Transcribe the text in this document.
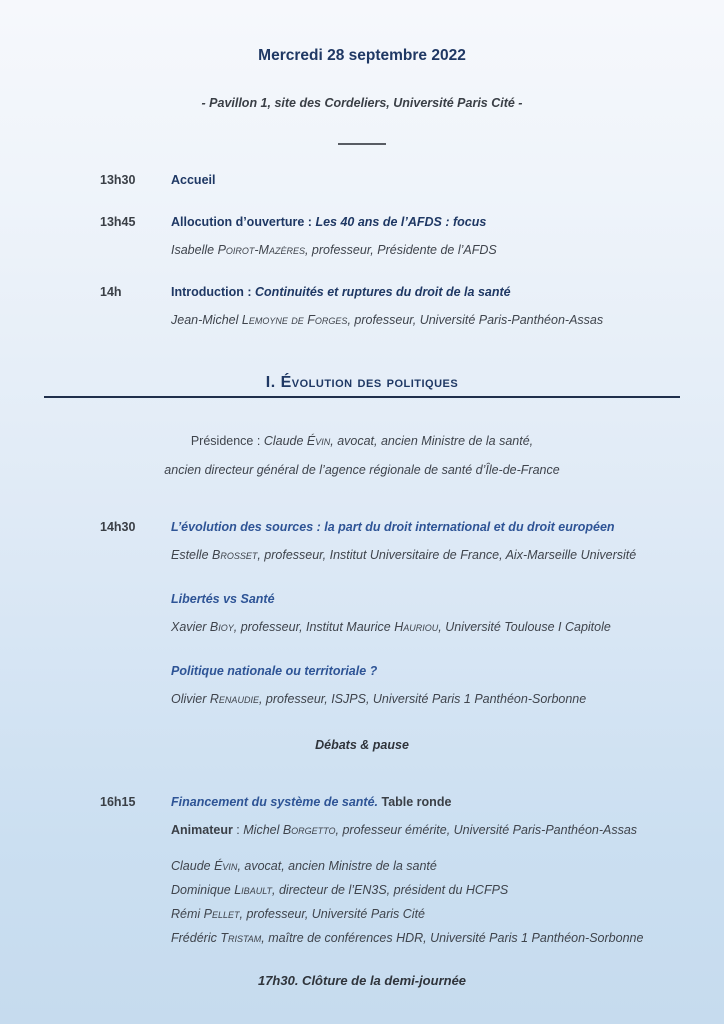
Mercredi 28 septembre 2022
- Pavillon 1, site des Cordeliers, Université Paris Cité -
13h30	Accueil
13h45	Allocution d’ouverture : Les 40 ans de l’AFDS : focus
Isabelle Poirot-Mazères, professeur, Présidente de l’AFDS
14h	Introduction : Continuités et ruptures du droit de la santé
Jean-Michel Lemoyne de Forges, professeur, Université Paris-Panthéon-Assas
I. Évolution des politiques
Présidence : Claude Évin, avocat, ancien Ministre de la santé,
ancien directeur général de l’agence régionale de santé d’Île-de-France
14h30	L’évolution des sources : la part du droit international et du droit européen
Estelle Brosset, professeur, Institut Universitaire de France, Aix-Marseille Université
Libertés vs Santé
Xavier Bioy, professeur, Institut Maurice Hauriou, Université Toulouse I Capitole
Politique nationale ou territoriale ?
Olivier Renaudie, professeur, ISJPS, Université Paris 1 Panthéon-Sorbonne
Débats & pause
16h15	Financement du système de santé. Table ronde
Animateur : Michel Borgetto, professeur émérite, Université Paris-Panthéon-Assas
Claude Évin, avocat, ancien Ministre de la santé
Dominique Libault, directeur de l’EN3S, président du HCFPS
Rémi Pellet, professeur, Université Paris Cité
Frédéric Tristam, maître de conférences HDR, Université Paris 1 Panthéon-Sorbonne
17h30. Clôture de la demi-journée
